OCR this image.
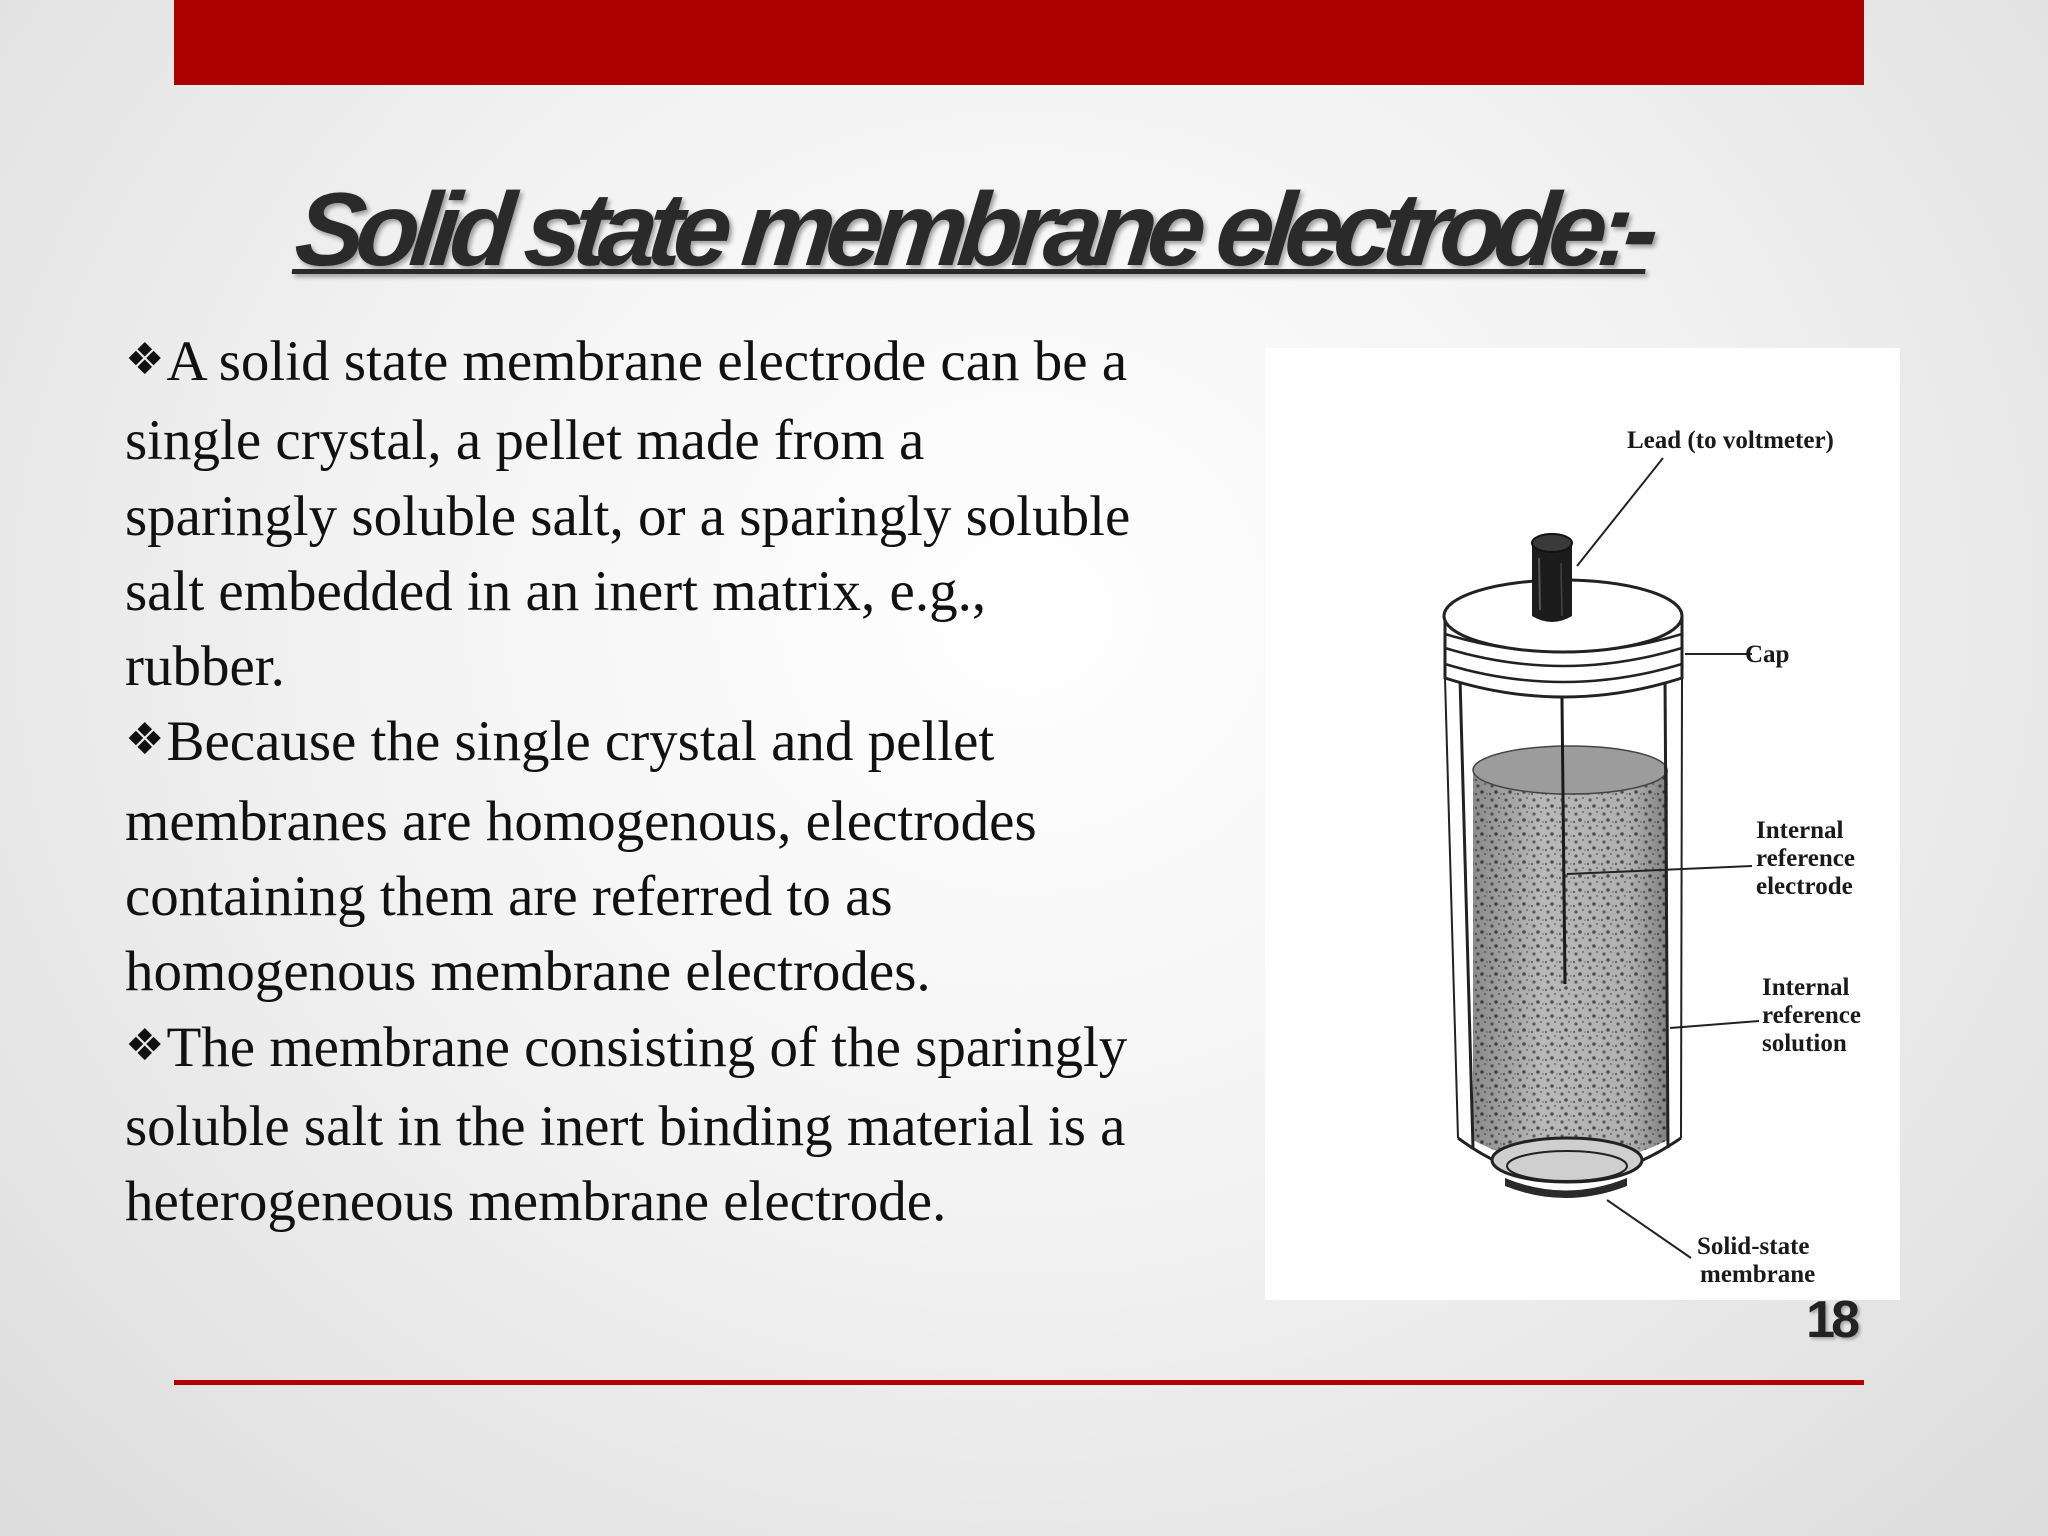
Solid state membrane electrode:-

❖A solid state membrane electrode can be a single crystal, a pellet made from a sparingly soluble salt, or a sparingly soluble salt embedded in an inert matrix, e.g., rubber.

❖Because the single crystal and pellet membranes are homogenous, electrodes containing them are referred to as homogenous membrane electrodes.

❖The membrane consisting of the sparingly soluble salt in the inert binding material is a heterogeneous membrane electrode.

Lead (to voltmeter)
Cap
Internal
reference
electrode
Internal
reference
solution
Solid-state
membrane
18
